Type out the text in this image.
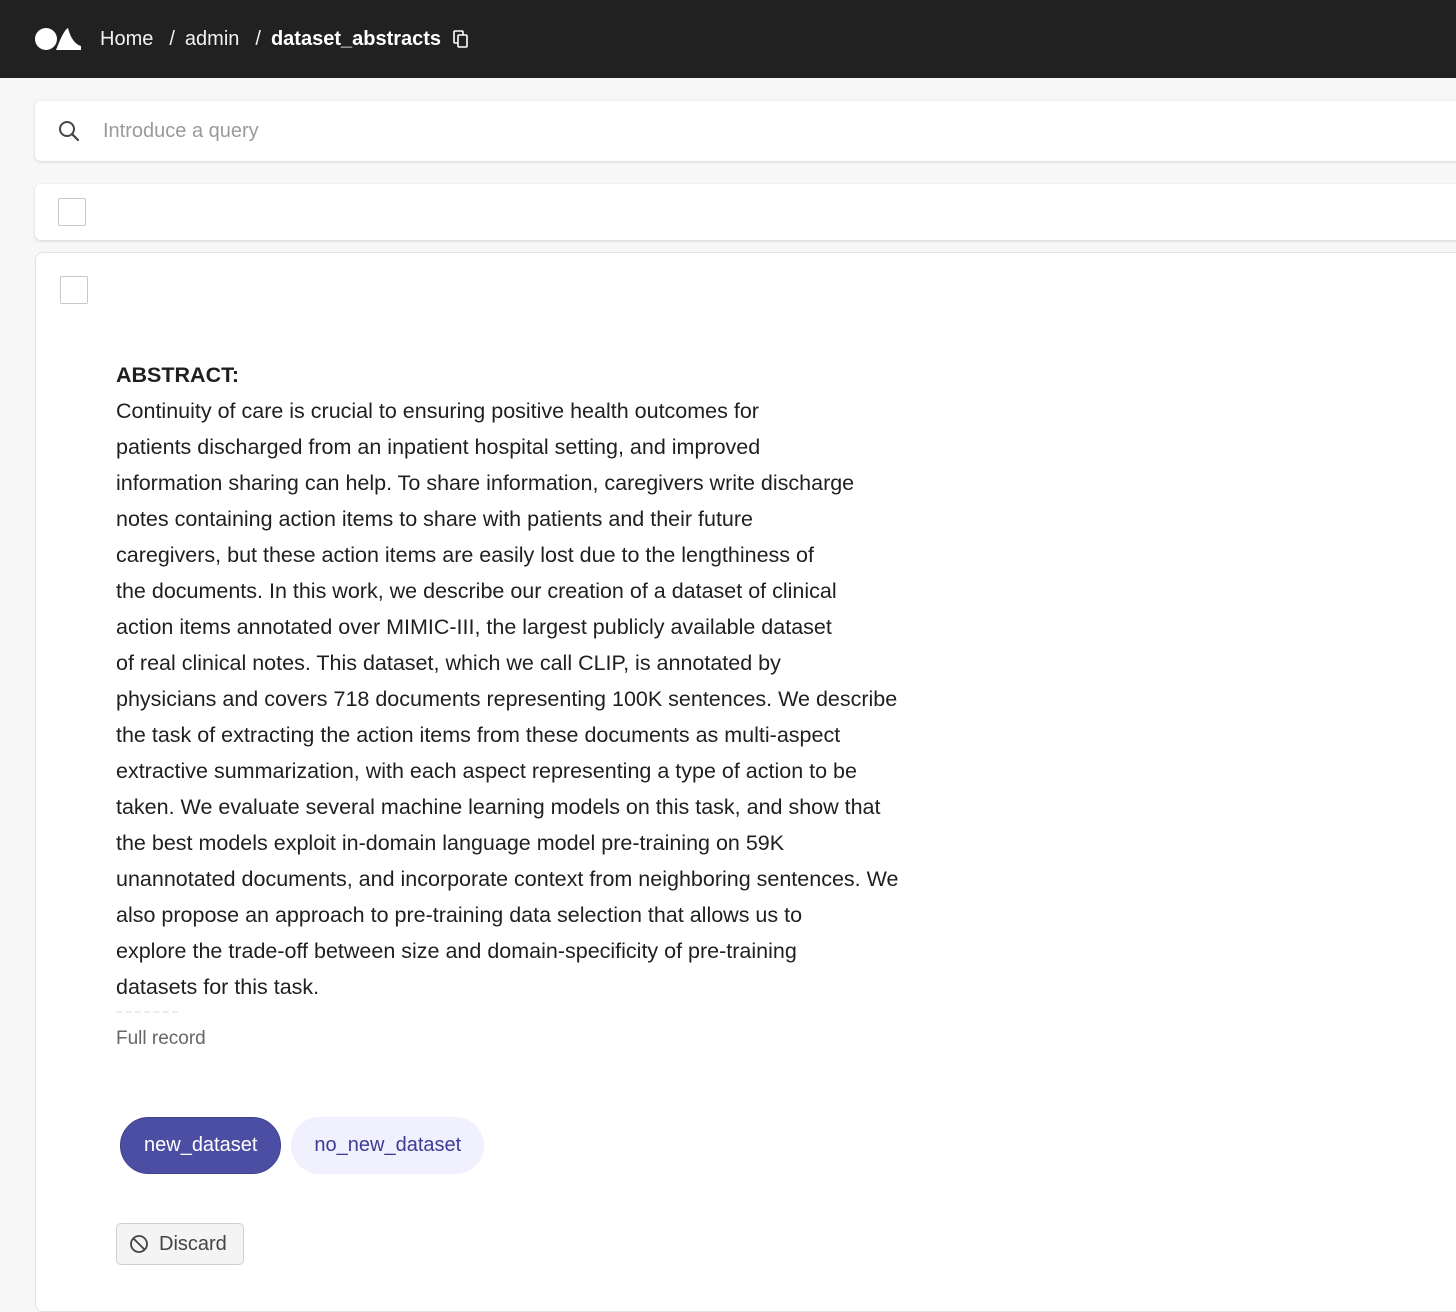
Home / admin / dataset_abstracts
Introduce a query
ABSTRACT:
Continuity of care is crucial to ensuring positive health outcomes for
patients discharged from an inpatient hospital setting, and improved
information sharing can help. To share information, caregivers write discharge
notes containing action items to share with patients and their future
caregivers, but these action items are easily lost due to the lengthiness of
the documents. In this work, we describe our creation of a dataset of clinical
action items annotated over MIMIC-III, the largest publicly available dataset
of real clinical notes. This dataset, which we call CLIP, is annotated by
physicians and covers 718 documents representing 100K sentences. We describe
the task of extracting the action items from these documents as multi-aspect
extractive summarization, with each aspect representing a type of action to be
taken. We evaluate several machine learning models on this task, and show that
the best models exploit in-domain language model pre-training on 59K
unannotated documents, and incorporate context from neighboring sentences. We
also propose an approach to pre-training data selection that allows us to
explore the trade-off between size and domain-specificity of pre-training
datasets for this task.
Full record
new_dataset	no_new_dataset
Discard
